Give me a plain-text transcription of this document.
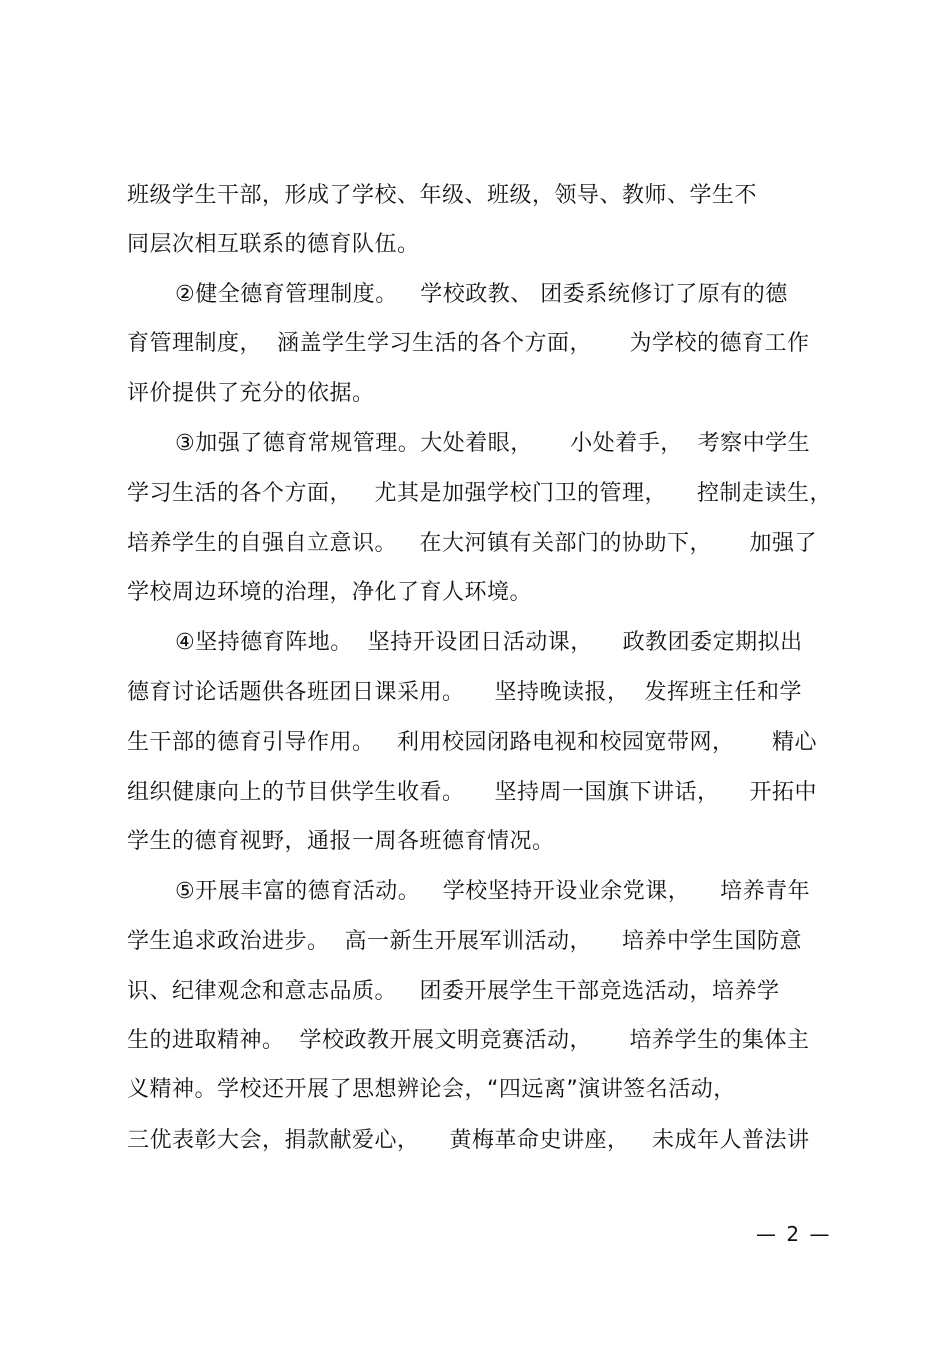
班级学生干部，形成了学校、年级、班级，领导、教师、学生不
同层次相互联系的德育队伍。
②健全德育管理制度。   学校政教、 团委系统修订了原有的德
育管理制度，  涵盖学生学习生活的各个方面，     为学校的德育工作
评价提供了充分的依据。
③加强了德育常规管理。大处着眼，     小处着手，  考察中学生
学习生活的各个方面，   尤其是加强学校门卫的管理，    控制走读生，
培养学生的自强自立意识。   在大河镇有关部门的协助下，     加强了
学校周边环境的治理，净化了育人环境。
④坚持德育阵地。  坚持开设团日活动课，    政教团委定期拟出
德育讨论话题供各班团日课采用。    坚持晚读报，  发挥班主任和学
生干部的德育引导作用。   利用校园闭路电视和校园宽带网，     精心
组织健康向上的节目供学生收看。    坚持周一国旗下讲话，    开拓中
学生的德育视野，通报一周各班德育情况。
⑤开展丰富的德育活动。   学校坚持开设业余党课，    培养青年
学生追求政治进步。  高一新生开展军训活动，    培养中学生国防意
识、纪律观念和意志品质。   团委开展学生干部竞选活动，培养学
生的进取精神。  学校政教开展文明竞赛活动，     培养学生的集体主
义精神。学校还开展了思想辨论会，“四远离”演讲签名活动，
三优表彰大会，捐款献爱心，    黄梅革命史讲座，   未成年人普法讲
— 2 —
